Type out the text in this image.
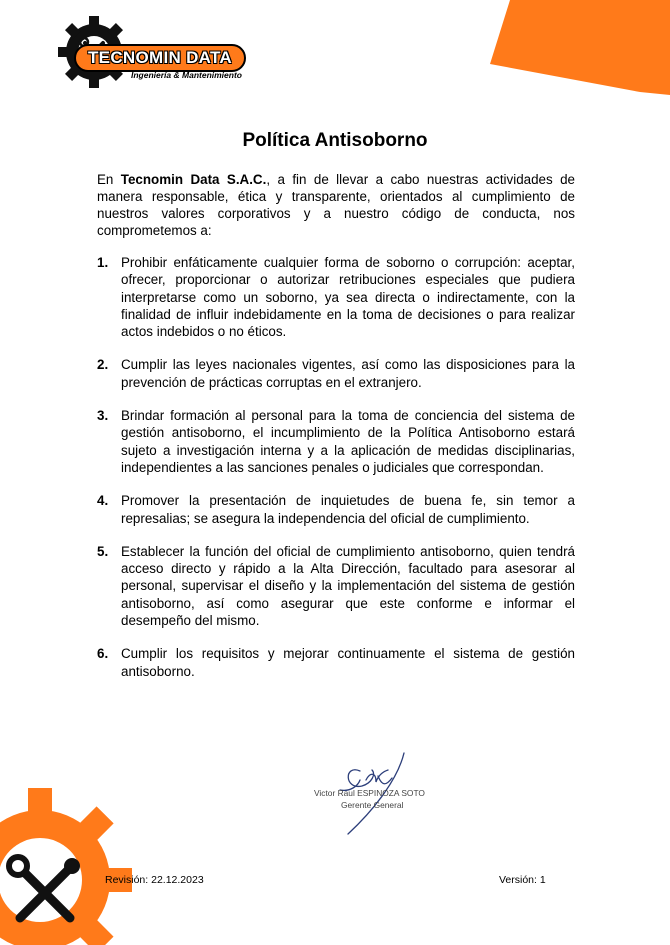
TECNOMIN DATA
Ingeniería & Mantenimiento
Política Antisoborno

En Tecnomin Data S.A.C., a fin de llevar a cabo nuestras actividades de manera responsable, ética y transparente, orientados al cumplimiento de nuestros valores corporativos y a nuestro código de conducta, nos comprometemos a:

1. Prohibir enfáticamente cualquier forma de soborno o corrupción: aceptar, ofrecer, proporcionar o autorizar retribuciones especiales que pudiera interpretarse como un soborno, ya sea directa o indirectamente, con la finalidad de influir indebidamente en la toma de decisiones o para realizar actos indebidos o no éticos.
2. Cumplir las leyes nacionales vigentes, así como las disposiciones para la prevención de prácticas corruptas en el extranjero.
3. Brindar formación al personal para la toma de conciencia del sistema de gestión antisoborno, el incumplimiento de la Política Antisoborno estará sujeto a investigación interna y a la aplicación de medidas disciplinarias, independientes a las sanciones penales o judiciales que correspondan.
4. Promover la presentación de inquietudes de buena fe, sin temor a represalias; se asegura la independencia del oficial de cumplimiento.
5. Establecer la función del oficial de cumplimiento antisoborno, quien tendrá acceso directo y rápido a la Alta Dirección, facultado para asesorar al personal, supervisar el diseño y la implementación del sistema de gestión antisoborno, así como asegurar que este conforme e informar el desempeño del mismo.
6. Cumplir los requisitos y mejorar continuamente el sistema de gestión antisoborno.
Victor Raul ESPINOZA SOTO
Gerente General
Revisión: 22.12.2023	Versión: 1
